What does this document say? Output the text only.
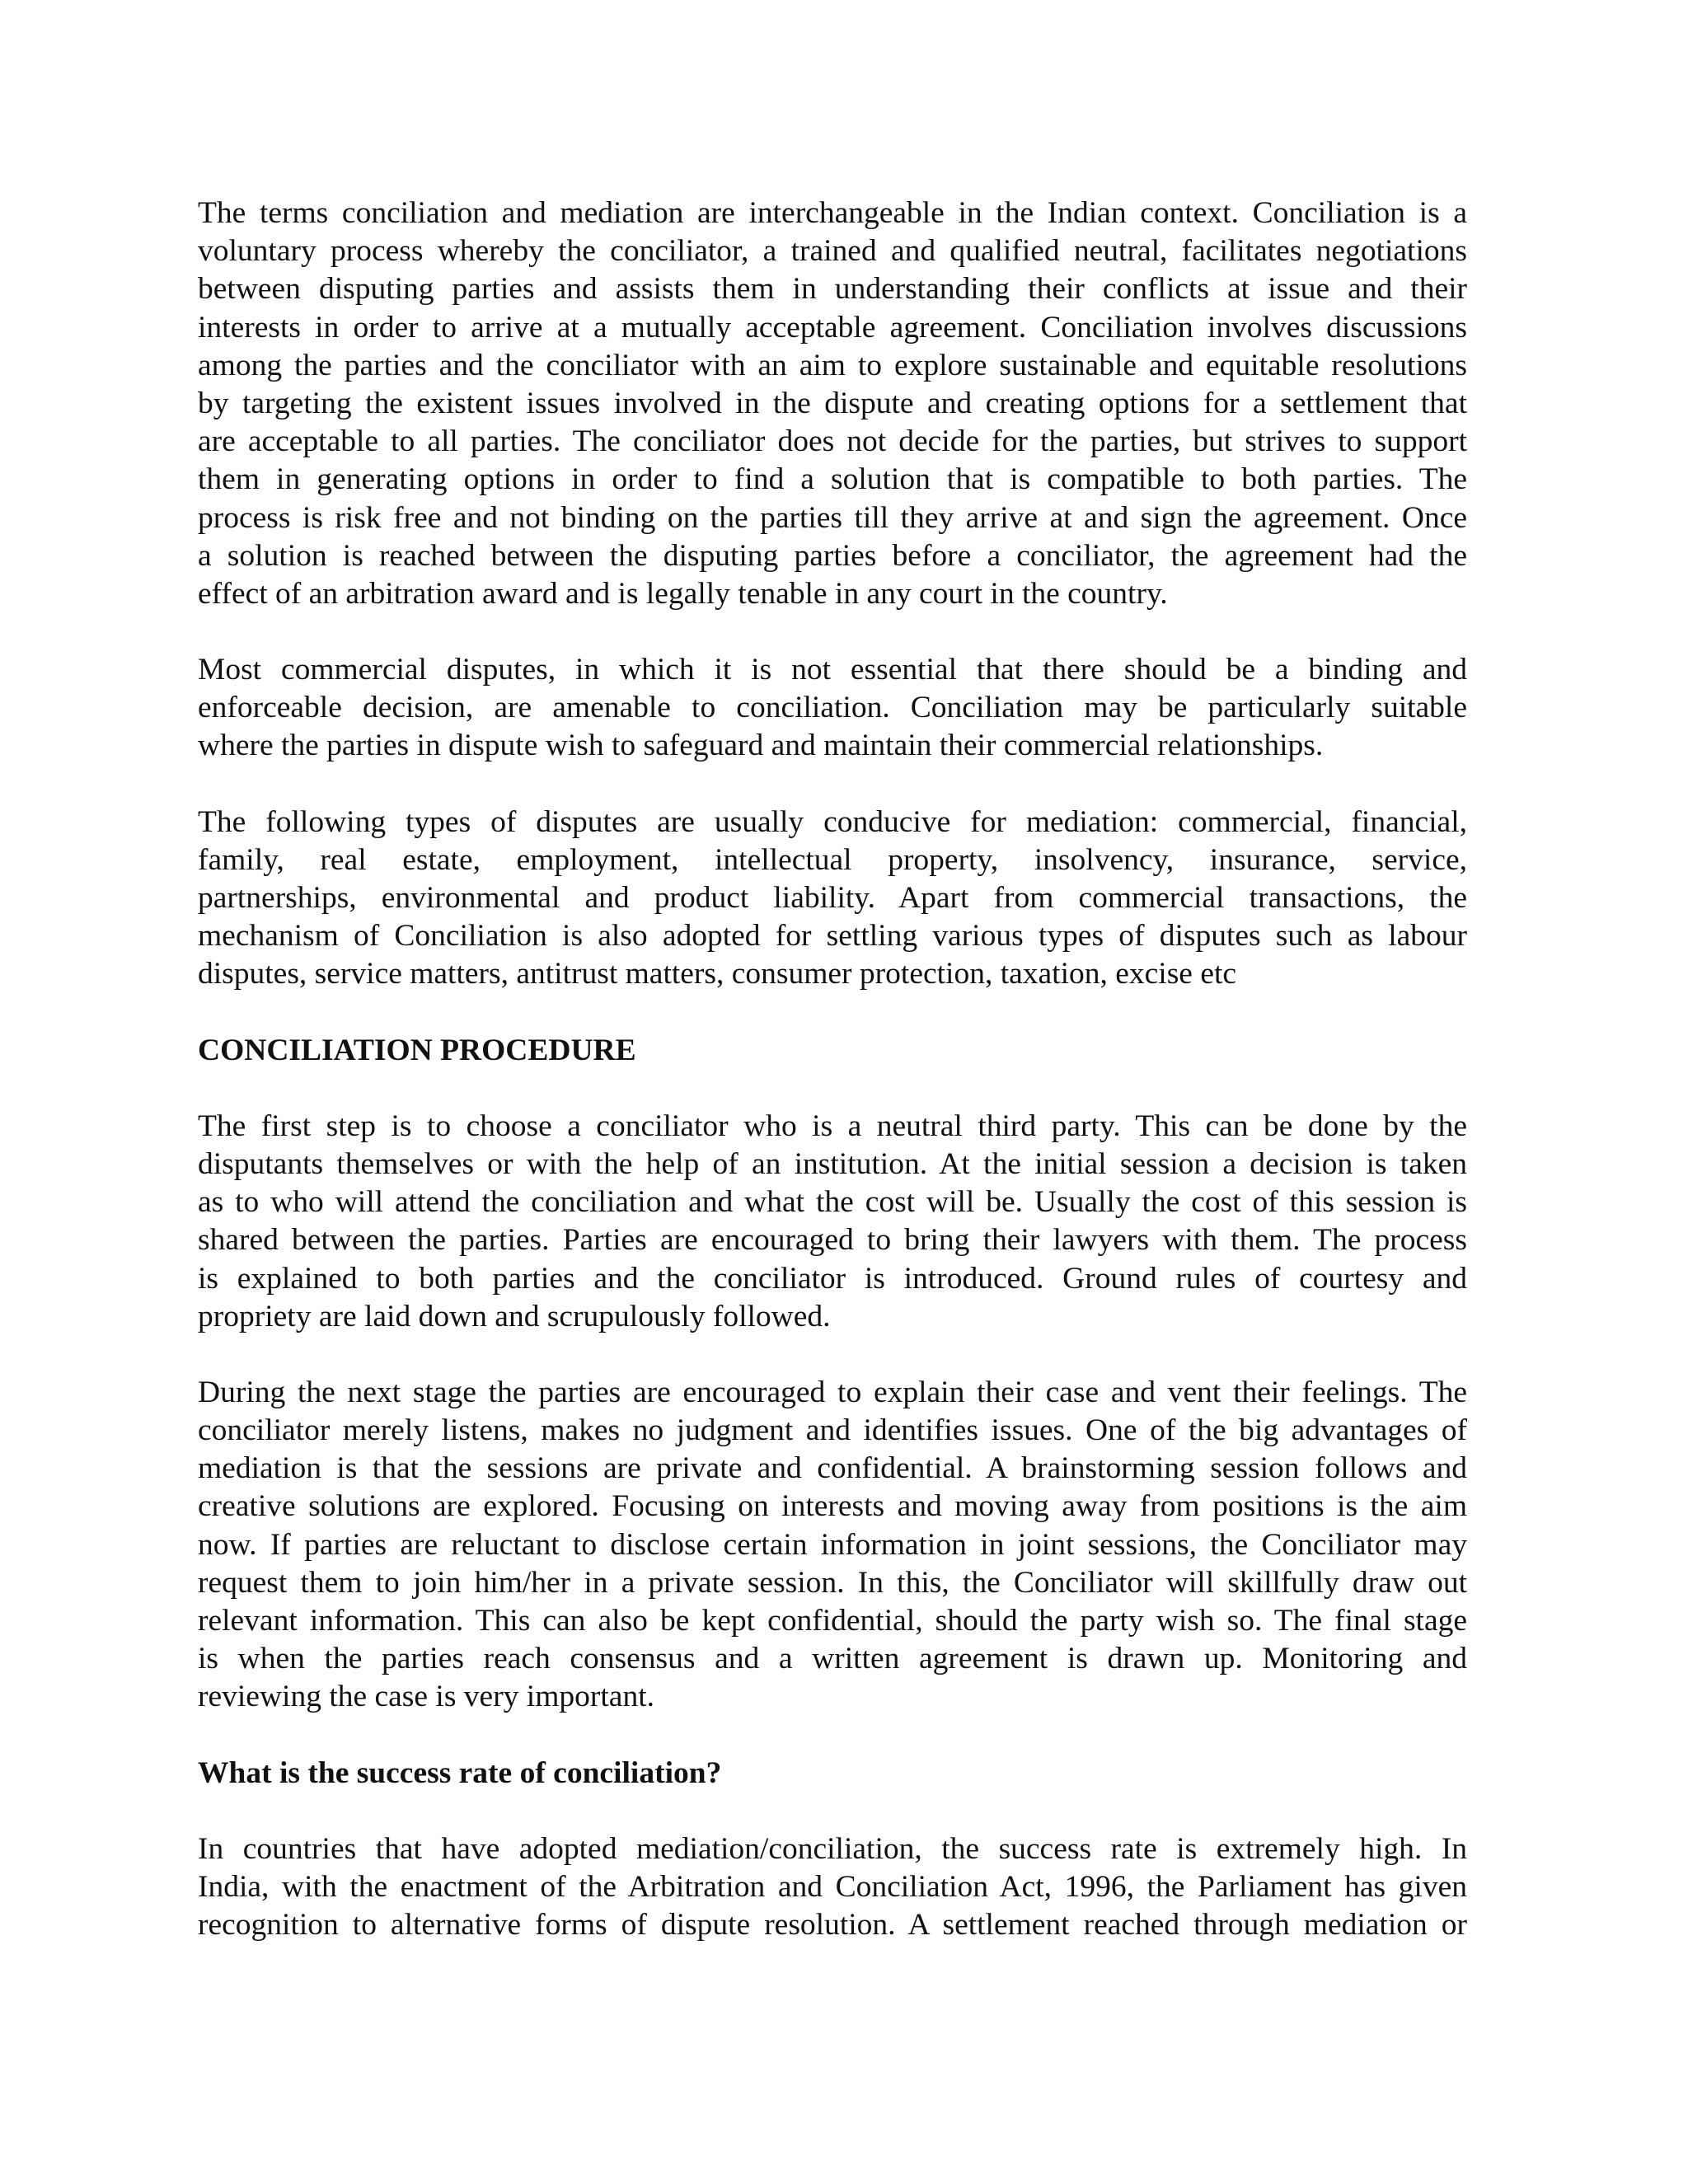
The terms conciliation and mediation are interchangeable in the Indian context. Conciliation is a
voluntary process whereby the conciliator, a trained and qualified neutral, facilitates negotiations
between disputing parties and assists them in understanding their conflicts at issue and their
interests in order to arrive at a mutually acceptable agreement. Conciliation involves discussions
among the parties and the conciliator with an aim to explore sustainable and equitable resolutions
by targeting the existent issues involved in the dispute and creating options for a settlement that
are acceptable to all parties. The conciliator does not decide for the parties, but strives to support
them in generating options in order to find a solution that is compatible to both parties. The
process is risk free and not binding on the parties till they arrive at and sign the agreement. Once
a solution is reached between the disputing parties before a conciliator, the agreement had the
effect of an arbitration award and is legally tenable in any court in the country.
Most commercial disputes, in which it is not essential that there should be a binding and
enforceable decision, are amenable to conciliation. Conciliation may be particularly suitable
where the parties in dispute wish to safeguard and maintain their commercial relationships.
The following types of disputes are usually conducive for mediation: commercial, financial,
family, real estate, employment, intellectual property, insolvency, insurance, service,
partnerships, environmental and product liability. Apart from commercial transactions, the
mechanism of Conciliation is also adopted for settling various types of disputes such as labour
disputes, service matters, antitrust matters, consumer protection, taxation, excise etc
CONCILIATION PROCEDURE
The first step is to choose a conciliator who is a neutral third party. This can be done by the
disputants themselves or with the help of an institution. At the initial session a decision is taken
as to who will attend the conciliation and what the cost will be. Usually the cost of this session is
shared between the parties. Parties are encouraged to bring their lawyers with them. The process
is explained to both parties and the conciliator is introduced. Ground rules of courtesy and
propriety are laid down and scrupulously followed.
During the next stage the parties are encouraged to explain their case and vent their feelings. The
conciliator merely listens, makes no judgment and identifies issues. One of the big advantages of
mediation is that the sessions are private and confidential. A brainstorming session follows and
creative solutions are explored. Focusing on interests and moving away from positions is the aim
now. If parties are reluctant to disclose certain information in joint sessions, the Conciliator may
request them to join him/her in a private session. In this, the Conciliator will skillfully draw out
relevant information. This can also be kept confidential, should the party wish so. The final stage
is when the parties reach consensus and a written agreement is drawn up. Monitoring and
reviewing the case is very important.
What is the success rate of conciliation?
In countries that have adopted mediation/conciliation, the success rate is extremely high. In
India, with the enactment of the Arbitration and Conciliation Act, 1996, the Parliament has given
recognition to alternative forms of dispute resolution. A settlement reached through mediation or
